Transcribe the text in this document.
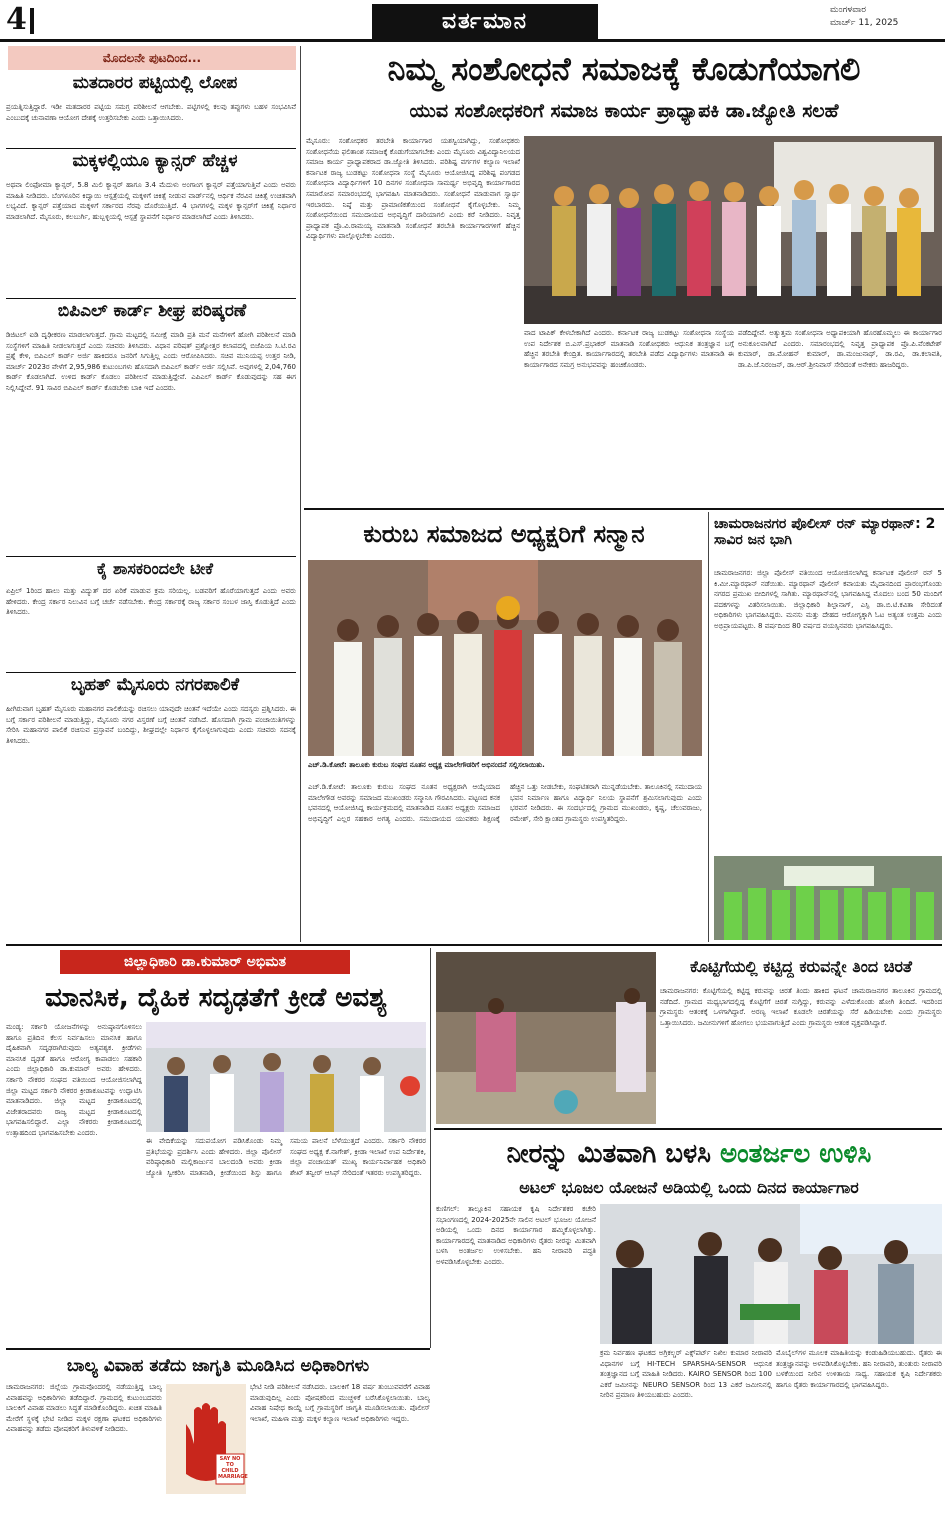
4	ವರ್ತಮಾನ	ಮಂಗಳವಾರ
ಮಾರ್ಚ್ 11, 2025
ಮೊದಲನೇ ಪುಟದಿಂದ...
ಮತದಾರರ ಪಟ್ಟಿಯಲ್ಲಿ ಲೋಪ
ಪ್ರಯತ್ನಿಸುತ್ತಿದ್ದಾರೆ. ಇಡೀ ಮತದಾರರ ಪಟ್ಟಿಯ ಸಮಗ್ರ ಪರಿಶೀಲನೆ ಆಗಬೇಕು. ಪಟ್ಟಿಗಳಲ್ಲಿ ಕಲವು ತಪ್ಪುಗಳು ಬಹಳ ಸಂಭವಿಸಿವೆ ಎಂಬುದಕ್ಕೆ ಚುನಾವಣಾ ಆಯೋಗ ದೇಶಕ್ಕೆ ಉತ್ತರಿಸಬೇಕು ಎಂದು ಒತ್ತಾಯಿಸಿದರು.
ಮಕ್ಕಳಲ್ಲಿಯೂ ಕ್ಯಾನ್ಸರ್ ಹೆಚ್ಚಳ
ಅಥವಾ ಲಿಂಫೋಮಾ ಕ್ಯಾನ್ಸರ್, 5.8 ಮಿಲಿ ಕ್ಯಾನ್ಸರ್ ಹಾಗೂ 3.4 ಮೆದುಳು ಅಂಗಾಂಗ ಕ್ಯಾನ್ಸರ್ ಪತ್ತೆಯಾಗುತ್ತಿವೆ ಎಂದು ಅವರು ಮಾಹಿತಿ ನೀಡಿದರು. ಬೆಂಗಳೂರಿನ ಕಿದ್ವಾಯಿ ಆಸ್ಪತ್ರೆಯಲ್ಲಿ ಮಕ್ಕಳಿಗೆ ಚಿಕಿತ್ಸೆ ನೀಡುವ ವಾರ್ಡ್‌ನಲ್ಲಿ ಆರ್ಥಿಕ ನೆರವಿನ ಚಿಕಿತ್ಸೆ ಉಚಿತವಾಗಿ ಲಭ್ಯವಿದೆ. ಕ್ಯಾನ್ಸರ್ ಪತ್ತೆಯಾದ ಮಕ್ಕಳಿಗೆ ಸರ್ಕಾರದ ನೆರವು ದೊರೆಯುತ್ತಿದೆ. 4 ಭಾಗಗಳಲ್ಲಿ ಮಕ್ಕಳ ಕ್ಯಾನ್ಸರ್‌ಗೆ ಚಿಕಿತ್ಸೆ ನಿರ್ಧಾರ ಮಾಡಲಾಗಿದೆ. ಮೈಸೂರು, ಕಲಬುರ್ಗಿ, ಹುಬ್ಬಳ್ಳಿಯಲ್ಲಿ ಆಸ್ಪತ್ರೆ ಸ್ಥಾಪನೆಗೆ ನಿರ್ಧಾರ ಮಾಡಲಾಗಿದೆ ಎಂದು ತಿಳಿಸಿದರು.
ಬಿಪಿಎಲ್ ಕಾರ್ಡ್ ಶೀಘ್ರ ಪರಿಷ್ಕರಣೆ
ಡಿಜಿಟಲ್ ಐಡಿ ದೃಢೀಕರಣ ಮಾಡಲಾಗುತ್ತದೆ. ಗ್ರಾಮ ಮಟ್ಟದಲ್ಲಿ ಸಮೀಕ್ಷೆ ಮಾಡಿ ಪ್ರತಿ ಮನೆ ಮನೆಗಳಿಗೆ ಹೋಗಿ ಪರಿಶೀಲನೆ ಮಾಡಿ ಸಂಸ್ಥೆಗಳಿಗೆ ಮಾಹಿತಿ ನೀಡಲಾಗುತ್ತದೆ ಎಂದು ಸಚಿವರು ತಿಳಿಸಿದರು. ವಿಧಾನ ಪರಿಷತ್ ಪ್ರಶ್ನೋತ್ತರ ಕಲಾಪದಲ್ಲಿ ಬಿಜೆಪಿಯ ಸಿ.ಟಿ.ರವಿ ಪ್ರಶ್ನೆ ಕೇಳಿ, ಬಿಪಿಎಲ್ ಕಾರ್ಡ್ ಅರ್ಜಿ ಹಾಕಿದರೂ ಜನರಿಗೆ ಸಿಗುತ್ತಿಲ್ಲ ಎಂದು ಆರೋಪಿಸಿದರು. ಸಚಿವ ಮುನಿಯಪ್ಪ ಉತ್ತರ ನೀಡಿ, ಮಾರ್ಚ್ 2023ರ ವೇಳೆಗೆ 2,95,986 ಕುಟುಂಬಗಳು ಹೊಸದಾಗಿ ಬಿಪಿಎಲ್ ಕಾರ್ಡ್ ಅರ್ಜಿ ಸಲ್ಲಿಸಿವೆ. ಅವುಗಳಲ್ಲಿ 2,04,760 ಕಾರ್ಡ್ ಕೊಡಲಾಗಿದೆ. ಉಳಿದ ಕಾರ್ಡ್ ಕೊಡಲು ಪರಿಶೀಲನೆ ಮಾಡುತ್ತಿದ್ದೇವೆ. ಎಪಿಎಲ್ ಕಾರ್ಡ್ ಕೊಡುವುದನ್ನು ಸಹ ಈಗ ನಿಲ್ಲಿಸಿದ್ದೇವೆ. 91 ಸಾವಿರ ಬಿಪಿಎಲ್ ಕಾರ್ಡ್ ಕೊಡಬೇಕು ಬಾಕಿ ಇದೆ ಎಂದರು.
ಕೈ ಶಾಸಕರಿಂದಲೇ ಟೀಕೆ
ಏಪ್ರಿಲ್ 1ರಿಂದ ಹಾಲು ಮತ್ತು ವಿದ್ಯುತ್ ದರ ಏರಿಕೆ ಮಾಡುವ ಕ್ರಮ ಸರಿಯಲ್ಲ. ಬಡವರಿಗೆ ಹೊರೆಯಾಗುತ್ತದೆ ಎಂದು ಅವರು ಹೇಳಿದರು. ಕೇಂದ್ರ ಸರ್ಕಾರ ನಿಲುವಿನ ಬಗ್ಗೆ ಚರ್ಚೆ ನಡೆಸಬೇಕು. ಕೇಂದ್ರ ಸರ್ಕಾರಕ್ಕೆ ರಾಜ್ಯ ಸರ್ಕಾರ ಸಂಬಳ ಜಾಸ್ತಿ ಕೊಡುತ್ತಿದೆ ಎಂದು ತಿಳಿಸಿದರು.
ಬೃಹತ್ ಮೈಸೂರು ನಗರಪಾಲಿಕೆ
ಹೀಗಿರುವಾಗ ಬೃಹತ್ ಮೈಸೂರು ಮಹಾನಗರ ಪಾಲಿಕೆಯನ್ನು ರಚಿಸಲು ಯಾವುದೇ ಚಿಂತನೆ ಇದೆಯೇ ಎಂದು ಸದಸ್ಯರು ಪ್ರಶ್ನಿಸಿದರು. ಈ ಬಗ್ಗೆ ಸರ್ಕಾರ ಪರಿಶೀಲನೆ ಮಾಡುತ್ತಿದ್ದು, ಮೈಸೂರು ನಗರ ವಿಸ್ತರಣೆ ಬಗ್ಗೆ ಚಿಂತನೆ ನಡೆಸಿದೆ. ಹೊಸದಾಗಿ ಗ್ರಾಮ ಪಂಚಾಯಿತಿಗಳನ್ನು ಸೇರಿಸಿ ಮಹಾನಗರ ಪಾಲಿಕೆ ರಚಿಸುವ ಪ್ರಸ್ತಾವನೆ ಬಂದಿದ್ದು, ಶೀಘ್ರದಲ್ಲೇ ನಿರ್ಧಾರ ಕೈಗೊಳ್ಳಲಾಗುವುದು ಎಂದು ಸಚಿವರು ಸದನಕ್ಕೆ ತಿಳಿಸಿದರು.
ನಿಮ್ಮ ಸಂಶೋಧನೆ ಸಮಾಜಕ್ಕೆ ಕೊಡುಗೆಯಾಗಲಿ
ಯುವ ಸಂಶೋಧಕರಿಗೆ ಸಮಾಜ ಕಾರ್ಯ ಪ್ರಾಧ್ಯಾಪಕಿ ಡಾ.ಜ್ಯೋತಿ ಸಲಹೆ
ಮೈಸೂರು: ಸಂಶೋಧಕರ ತರಬೇತಿ ಕಾರ್ಯಾಗಾರ ಯಶಸ್ವಿಯಾಗಿದ್ದು, ಸಂಶೋಧಕರು ಸಂಶೋಧನೆಯ ಫಲಿತಾಂಶ ಸಮಾಜಕ್ಕೆ ಕೊಡುಗೆಯಾಗಬೇಕು ಎಂದು ಮೈಸೂರು ವಿಶ್ವವಿದ್ಯಾನಿಲಯದ ಸಮಾಜ ಕಾರ್ಯ ಪ್ರಾಧ್ಯಾಪಕರಾದ ಡಾ.ಜ್ಯೋತಿ ತಿಳಿಸಿದರು. ಪರಿಶಿಷ್ಟ ವರ್ಗಗಳ ಕಲ್ಯಾಣ ಇಲಾಖೆ ಕರ್ನಾಟಕ ರಾಜ್ಯ ಬುಡಕಟ್ಟು ಸಂಶೋಧನಾ ಸಂಸ್ಥೆ ಮೈಸೂರು ಆಯೋಜಿಸಿದ್ದ ಪರಿಶಿಷ್ಟ ಪಂಗಡದ ಸಂಶೋಧನಾ ವಿದ್ಯಾರ್ಥಿಗಳಿಗೆ 10 ದಿನಗಳ ಸಂಶೋಧನಾ ಸಾಮರ್ಥ್ಯ ಅಭಿವೃದ್ಧಿ ಕಾರ್ಯಾಗಾರದ ಸಮಾರೋಪ ಸಮಾರಂಭದಲ್ಲಿ ಭಾಗವಹಿಸಿ ಮಾತನಾಡಿದರು. ಸಂಶೋಧನೆ ಮಾಡುವಾಗ ಸ್ವಾರ್ಥ ಇರಬಾರದು. ನಿಷ್ಠೆ ಮತ್ತು ಪ್ರಾಮಾಣಿಕತೆಯಿಂದ ಸಂಶೋಧನೆ ಕೈಗೊಳ್ಳಬೇಕು. ನಿಮ್ಮ ಸಂಶೋಧನೆಯಿಂದ ಸಮುದಾಯದ ಅಭಿವೃದ್ಧಿಗೆ ದಾರಿಯಾಗಲಿ ಎಂದು ಕರೆ ನೀಡಿದರು. ನಿವೃತ್ತ ಪ್ರಾಧ್ಯಾಪಕ ಪ್ರೊ.ವಿ.ರಾಮಯ್ಯ ಮಾತನಾಡಿ ಸಂಶೋಧನೆ ತರಬೇತಿ ಕಾರ್ಯಾಗಾರಗಳಿಗೆ ಹೆಚ್ಚಿನ ವಿದ್ಯಾರ್ಥಿಗಳು ಪಾಲ್ಗೊಳ್ಳಬೇಕು ಎಂದರು.
ವಾದ ಟಾಪಿಕ್ ಕೇಳಬೇಕಾಗಿದೆ ಎಂದರು. ಕರ್ನಾಟಕ ರಾಜ್ಯ ಬುಡಕಟ್ಟು ಸಂಶೋಧನಾ ಸಂಸ್ಥೆಯ ಉಪ ನಿರ್ದೇಶಕ ಬಿ.ಎಸ್.ಪ್ರಭಾಕರ್ ಮಾತನಾಡಿ ಸಂಶೋಧಕರು ಆಧುನಿಕ ತಂತ್ರಜ್ಞಾನ ಬಗ್ಗೆ ಹೆಚ್ಚಿನ ತರಬೇತಿ ಕೇಂದ್ರಿತ. ಕಾರ್ಯಾಗಾರದಲ್ಲಿ ತರಬೇತಿ ಪಡೆದ ವಿದ್ಯಾರ್ಥಿಗಳು ಮಾತನಾಡಿ ಈ ಕಾರ್ಯಾಗಾರದ ಸಮಗ್ರ ಅನುಭವವನ್ನು ಹಂಚಿಕೊಂಡರು.
ಪಡೆದಿದ್ದೇವೆ. ಅತ್ಯುತ್ತಮ ಸಂಶೋಧನಾ ಅಧ್ಯಾಪಕಿಯಾಗಿ ಹೊರಹೊಮ್ಮಲು ಈ ಕಾರ್ಯಾಗಾರ ಅನುಕೂಲವಾಗಿದೆ ಎಂದರು. ಸಮಾರಂಭದಲ್ಲಿ ನಿವೃತ್ತ ಪ್ರಾಧ್ಯಾಪಕ ಪ್ರೊ.ಪಿ.ವೆಂಕಟೇಶ್ ಕುಮಾರ್, ಡಾ.ಮೋಹನ್ ಕುಮಾರ್, ಡಾ.ಮಂಜುನಾಥ್, ಡಾ.ರವಿ, ಡಾ.ಕಲಾವತಿ, ಡಾ.ಪಿ.ಜೆ.ನಿರಂಜನ್, ಡಾ.ಆರ್.ಶ್ರೀನಿವಾಸ್ ಸೇರಿದಂತೆ ಅನೇಕರು ಹಾಜರಿದ್ದರು.
ಕುರುಬ ಸಮಾಜದ ಅಧ್ಯಕ್ಷರಿಗೆ ಸನ್ಮಾನ
ಎಚ್.ಡಿ.ಕೋಟೆ: ತಾಲೂಕು ಕುರುಬ ಸಂಘದ ನೂತನ ಅಧ್ಯಕ್ಷ ಮಾಲೇಗೌಡರಿಗೆ ಅಭಿನಂದನೆ ಸಲ್ಲಿಸಲಾಯಿತು.
ಎಚ್.ಡಿ.ಕೋಟೆ: ತಾಲೂಕು ಕುರುಬ ಸಂಘದ ನೂತನ ಅಧ್ಯಕ್ಷರಾಗಿ ಆಯ್ಕೆಯಾದ ಮಾಲೇಗೌಡ ಅವರನ್ನು ಸಮಾಜದ ಮುಖಂಡರು ಸನ್ಮಾನಿಸಿ ಗೌರವಿಸಿದರು. ಪಟ್ಟಣದ ಕನಕ ಭವನದಲ್ಲಿ ಆಯೋಜಿಸಿದ್ದ ಕಾರ್ಯಕ್ರಮದಲ್ಲಿ ಮಾತನಾಡಿದ ನೂತನ ಅಧ್ಯಕ್ಷರು ಸಮಾಜದ ಅಭಿವೃದ್ಧಿಗೆ ಎಲ್ಲರ ಸಹಕಾರ ಅಗತ್ಯ ಎಂದರು. ಸಮುದಾಯದ ಯುವಕರು ಶಿಕ್ಷಣಕ್ಕೆ ಹೆಚ್ಚಿನ ಒತ್ತು ನೀಡಬೇಕು, ಸಂಘಟಿತರಾಗಿ ಮುನ್ನಡೆಯಬೇಕು. ತಾಲೂಕಿನಲ್ಲಿ ಸಮುದಾಯ ಭವನ ನಿರ್ಮಾಣ ಹಾಗೂ ವಿದ್ಯಾರ್ಥಿ ನಿಲಯ ಸ್ಥಾಪನೆಗೆ ಶ್ರಮಿಸಲಾಗುವುದು ಎಂದು ಭರವಸೆ ನೀಡಿದರು. ಈ ಸಂದರ್ಭದಲ್ಲಿ ಗ್ರಾಮದ ಮುಖಂಡರು, ಕೃಷ್ಣ, ಚೆಲುವರಾಜು, ರಮೇಶ್, ಸೇರಿ ಕ್ಷಾಂತದ ಗ್ರಾಮಸ್ಥರು ಉಪಸ್ಥಿತರಿದ್ದರು.
ಚಾಮರಾಜನಗರ ಪೊಲೀಸ್ ರನ್ ಮ್ಯಾರಥಾನ್: 2 ಸಾವಿರ ಜನ ಭಾಗಿ
ಚಾಮರಾಜನಗರ: ಜಿಲ್ಲಾ ಪೊಲೀಸ್ ವತಿಯಿಂದ ಆಯೋಜಿಸಲಾಗಿದ್ದ ಕರ್ನಾಟಕ ಪೊಲೀಸ್ ರನ್ 5 ಕಿ.ಮೀ.ಮ್ಯಾರಥಾನ್ ನಡೆಯಿತು. ಮ್ಯಾರಥಾನ್ ಪೊಲೀಸ್ ಕವಾಯತು ಮೈದಾನದಿಂದ ಪ್ರಾರಂಭಗೊಂಡು ನಗರದ ಪ್ರಮುಖ ಬೀದಿಗಳಲ್ಲಿ ಸಾಗಿತು. ಮ್ಯಾರಥಾನ್‌ನಲ್ಲಿ ಭಾಗವಹಿಸಿದ್ದ ಮೊದಲು ಬಂದ 50 ಮಂದಿಗೆ ಪದಕಗಳನ್ನು ವಿತರಿಸಲಾಯಿತು. ಜಿಲ್ಲಾಧಿಕಾರಿ ಶಿಲ್ಪಾನಾಗ್, ಎಸ್ಪಿ ಡಾ.ಬಿ.ಟಿ.ಕವಿತಾ ಸೇರಿದಂತೆ ಅಧಿಕಾರಿಗಳು ಭಾಗವಹಿಸಿದ್ದರು. ಮನಸು ಮತ್ತು ದೇಹದ ಆರೋಗ್ಯಕ್ಕಾಗಿ ಓಟ ಅತ್ಯಂತ ಉತ್ತಮ ಎಂದು ಅಭಿಪ್ರಾಯಪಟ್ಟರು. 8 ವರ್ಷದಿಂದ 80 ವರ್ಷದ ವಯಸ್ಸಿನವರು ಭಾಗವಹಿಸಿದ್ದರು.
ಜಿಲ್ಲಾಧಿಕಾರಿ ಡಾ.ಕುಮಾರ್ ಅಭಿಮತ
ಮಾನಸಿಕ, ದೈಹಿಕ ಸದೃಢತೆಗೆ ಕ್ರೀಡೆ ಅವಶ್ಯ
ಮಂಡ್ಯ: ಸರ್ಕಾರಿ ಯೋಜನೆಗಳನ್ನು ಅನುಷ್ಠಾನಗೊಳಿಸಲು ಹಾಗೂ ಪ್ರತಿದಿನ ಕೆಲಸ ನಿರ್ವಹಿಸಲು ಮಾನಸಿಕ ಹಾಗೂ ದೈಹಿಕವಾಗಿ ಸದೃಢರಾಗಿರುವುದು ಅತ್ಯವಶ್ಯಕ. ಕ್ರೀಡೆಗಳು ಮಾನಸಿಕ ದೃಢತೆ ಹಾಗೂ ಆರೋಗ್ಯ ಕಾಪಾಡಲು ಸಹಕಾರಿ ಎಂದು ಜಿಲ್ಲಾಧಿಕಾರಿ ಡಾ.ಕುಮಾರ್ ಅವರು ಹೇಳಿದರು. ಸರ್ಕಾರಿ ನೌಕರರ ಸಂಘದ ವತಿಯಿಂದ ಆಯೋಜಿಸಲಾಗಿದ್ದ ಜಿಲ್ಲಾ ಮಟ್ಟದ ಸರ್ಕಾರಿ ನೌಕರರ ಕ್ರೀಡಾಕೂಟವನ್ನು ಉದ್ಘಾಟಿಸಿ ಮಾತನಾಡಿದರು. ಜಿಲ್ಲಾ ಮಟ್ಟದ ಕ್ರೀಡಾಕೂಟದಲ್ಲಿ ವಿಜೇತರಾದವರು ರಾಜ್ಯ ಮಟ್ಟದ ಕ್ರೀಡಾಕೂಟದಲ್ಲಿ ಭಾಗವಹಿಸಲಿದ್ದಾರೆ. ಎಲ್ಲಾ ನೌಕರರು ಕ್ರೀಡಾಕೂಟದಲ್ಲಿ ಉತ್ಸಾಹದಿಂದ ಭಾಗವಹಿಸಬೇಕು ಎಂದರು.
ಈ ವೇದಿಕೆಯನ್ನು ಸದುಪಯೋಗ ಪಡಿಸಿಕೊಂಡು ನಿಮ್ಮ ಪ್ರತಿಭೆಯನ್ನು ಪ್ರದರ್ಶಿಸಿ ಎಂದು ಹೇಳಿದರು. ಜಿಲ್ಲಾ ಪೊಲೀಸ್ ವರಿಷ್ಠಾಧಿಕಾರಿ ಮಲ್ಲಿಕಾರ್ಜುನ ಬಾಲದಂಡಿ ಅವರು ಕ್ರೀಡಾ ಜ್ಯೋತಿ ಸ್ವೀಕರಿಸಿ ಮಾತನಾಡಿ, ಕ್ರೀಡೆಯಿಂದ ಶಿಸ್ತು ಹಾಗೂ ಸಮಯ ಪಾಲನೆ ಬೆಳೆಯುತ್ತದೆ ಎಂದರು. ಸರ್ಕಾರಿ ನೌಕರರ ಸಂಘದ ಅಧ್ಯಕ್ಷ ಕೆ.ನಾಗೇಶ್, ಕ್ರೀಡಾ ಇಲಾಖೆ ಉಪ ನಿರ್ದೇಶಕಿ, ಜಿಲ್ಲಾ ಪಂಚಾಯತ್ ಮುಖ್ಯ ಕಾರ್ಯನಿರ್ವಾಹಕ ಅಧಿಕಾರಿ ಶೇಖ್ ತನ್ವೀರ್ ಆಸಿಫ್ ಸೇರಿದಂತೆ ಇತರರು ಉಪಸ್ಥಿತರಿದ್ದರು.
ಕೊಟ್ಟಿಗೆಯಲ್ಲಿ ಕಟ್ಟಿದ್ದ ಕರುವನ್ನೇ ತಿಂದ ಚಿರತೆ
ಚಾಮರಾಜನಗರ: ಕೊಟ್ಟಿಗೆಯಲ್ಲಿ ಕಟ್ಟಿದ್ದ ಕರುವನ್ನು ಚಿರತೆ ತಿಂದು ಹಾಕಿದ ಘಟನೆ ಚಾಮರಾಜನಗರ ತಾಲೂಕಿನ ಗ್ರಾಮದಲ್ಲಿ ನಡೆದಿದೆ. ಗ್ರಾಮದ ಮಧ್ಯಭಾಗದಲ್ಲಿದ್ದ ಕೊಟ್ಟಿಗೆಗೆ ಚಿರತೆ ನುಗ್ಗಿದ್ದು, ಕರುವನ್ನು ಎಳೆದುಕೊಂಡು ಹೋಗಿ ತಿಂದಿದೆ. ಇದರಿಂದ ಗ್ರಾಮಸ್ಥರು ಆತಂಕಕ್ಕೆ ಒಳಗಾಗಿದ್ದಾರೆ. ಅರಣ್ಯ ಇಲಾಖೆ ಕೂಡಲೇ ಚಿರತೆಯನ್ನು ಸೆರೆ ಹಿಡಿಯಬೇಕು ಎಂದು ಗ್ರಾಮಸ್ಥರು ಒತ್ತಾಯಿಸಿದರು. ಜಮೀನುಗಳಿಗೆ ಹೋಗಲು ಭಯವಾಗುತ್ತಿದೆ ಎಂದು ಗ್ರಾಮಸ್ಥರು ಆತಂಕ ವ್ಯಕ್ತಪಡಿಸಿದ್ದಾರೆ.
ನೀರನ್ನು ಮಿತವಾಗಿ ಬಳಸಿ ಅಂತರ್ಜಲ ಉಳಿಸಿ
ಅಟಲ್ ಭೂಜಲ ಯೋಜನೆ ಅಡಿಯಲ್ಲಿ ಒಂದು ದಿನದ ಕಾರ್ಯಾಗಾರ
ಕುಣಿಗಲ್: ತಾಲ್ಲೂಕಿನ ಸಹಾಯಕ ಕೃಷಿ ನಿರ್ದೇಶಕರ ಕಚೇರಿ ಸಭಾಂಗಣದಲ್ಲಿ 2024-2025ನೇ ಸಾಲಿನ ಅಟಲ್ ಭೂಜಲ ಯೋಜನೆ ಅಡಿಯಲ್ಲಿ ಒಂದು ದಿನದ ಕಾರ್ಯಾಗಾರ ಹಮ್ಮಿಕೊಳ್ಳಲಾಗಿತ್ತು. ಕಾರ್ಯಾಗಾರದಲ್ಲಿ ಮಾತನಾಡಿದ ಅಧಿಕಾರಿಗಳು ರೈತರು ನೀರನ್ನು ಮಿತವಾಗಿ ಬಳಸಿ ಅಂತರ್ಜಲ ಉಳಿಸಬೇಕು. ಹನಿ ನೀರಾವರಿ ಪದ್ಧತಿ ಅಳವಡಿಸಿಕೊಳ್ಳಬೇಕು ಎಂದರು.
ಕ್ರಮ ನಿರ್ವಹಣ ಘಟಕದ ಅಗ್ರಿಕಲ್ಚರ್ ಎಕ್ಸ್‌ಪರ್ಟ್ ನಿಖಿಲ ಕುಮಾರ ನೀರಾವರಿ ವಿಧಾನಗಳ ಬಗ್ಗೆ HI-TECH SPARSHA-SENSOR ಆಧುನಿಕ ತಂತ್ರಜ್ಞಾನದ ಬಗ್ಗೆ ಮಾಹಿತಿ ನೀಡಿದರು. KAIRO SENSOR ರಿಂದ 100 ಎಕರೆ ಜಮೀನನ್ನು NEURO SENSOR ರಿಂದ 13 ಎಕರೆ ಜಮೀನಿನಲ್ಲಿ ನೀರಿನ ಪ್ರಮಾಣ ತಿಳಿಯಬಹುದು ಎಂದರು.
ಮೊಬೈಲ್‌ಗಳ ಮೂಲಕ ಮಾಹಿತಿಯನ್ನು ಕಂಡುಹಿಡಿಯಬಹುದು. ರೈತರು ಈ ತಂತ್ರಜ್ಞಾನವನ್ನು ಅಳವಡಿಸಿಕೊಳ್ಳಬೇಕು. ಹನಿ ನೀರಾವರಿ, ತುಂತುರು ನೀರಾವರಿ ಬಳಕೆಯಿಂದ ನೀರಿನ ಉಳಿತಾಯ ಸಾಧ್ಯ. ಸಹಾಯಕ ಕೃಷಿ ನಿರ್ದೇಶಕರು ಹಾಗೂ ರೈತರು ಕಾರ್ಯಾಗಾರದಲ್ಲಿ ಭಾಗವಹಿಸಿದ್ದರು.
ಬಾಲ್ಯ ವಿವಾಹ ತಡೆದು ಜಾಗೃತಿ ಮೂಡಿಸಿದ ಅಧಿಕಾರಿಗಳು
ಚಾಮರಾಜನಗರ: ಜಿಲ್ಲೆಯ ಗ್ರಾಮವೊಂದರಲ್ಲಿ ನಡೆಯುತ್ತಿದ್ದ ಬಾಲ್ಯ ವಿವಾಹವನ್ನು ಅಧಿಕಾರಿಗಳು ತಡೆದಿದ್ದಾರೆ. ಗ್ರಾಮದಲ್ಲಿ ಕುಟುಂಬದವರು ಬಾಲಕಿಗೆ ವಿವಾಹ ಮಾಡಲು ಸಿದ್ಧತೆ ಮಾಡಿಕೊಂಡಿದ್ದರು. ಖಚಿತ ಮಾಹಿತಿ ಮೇರೆಗೆ ಸ್ಥಳಕ್ಕೆ ಭೇಟಿ ನೀಡಿದ ಮಕ್ಕಳ ರಕ್ಷಣಾ ಘಟಕದ ಅಧಿಕಾರಿಗಳು ವಿವಾಹವನ್ನು ತಡೆದು ಪೋಷಕರಿಗೆ ತಿಳುವಳಿಕೆ ನೀಡಿದರು.
SAY NO TO CHILD MARRIAGE
ಭೇಟಿ ನೀಡಿ ಪರಿಶೀಲನೆ ನಡೆಸಿದರು. ಬಾಲಕಿಗೆ 18 ವರ್ಷ ತುಂಬುವವರೆಗೆ ವಿವಾಹ ಮಾಡುವುದಿಲ್ಲ ಎಂದು ಪೋಷಕರಿಂದ ಮುಚ್ಚಳಿಕೆ ಬರೆಸಿಕೊಳ್ಳಲಾಯಿತು. ಬಾಲ್ಯ ವಿವಾಹ ನಿಷೇಧ ಕಾಯ್ದೆ ಬಗ್ಗೆ ಗ್ರಾಮಸ್ಥರಿಗೆ ಜಾಗೃತಿ ಮೂಡಿಸಲಾಯಿತು. ಪೊಲೀಸ್ ಇಲಾಖೆ, ಮಹಿಳಾ ಮತ್ತು ಮಕ್ಕಳ ಕಲ್ಯಾಣ ಇಲಾಖೆ ಅಧಿಕಾರಿಗಳು ಇದ್ದರು.
